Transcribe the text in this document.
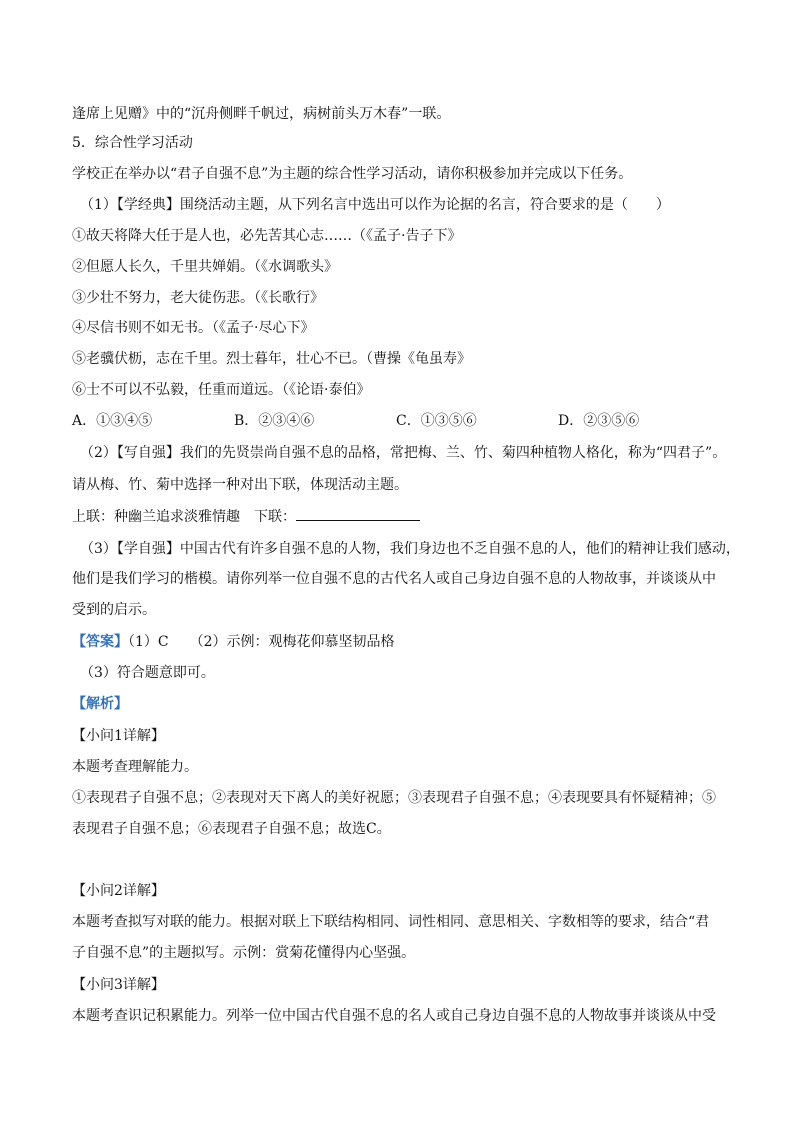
逢席上见赠》中的“沉舟侧畔千帆过，病树前头万木春”一联。
5．综合性学习活动
学校正在举办以“君子自强不息”为主题的综合性学习活动，请你积极参加并完成以下任务。
（1）【学经典】围绕活动主题，从下列名言中选出可以作为论据的名言，符合要求的是（　　）
①故天将降大任于是人也，必先苦其心志……（《孟子·告子下》
②但愿人长久，千里共婵娟。（《水调歌头》
③少壮不努力，老大徒伤悲。（《长歌行》
④尽信书则不如无书。（《孟子·尽心下》
⑤老骥伏枥，志在千里。烈士暮年，壮心不已。（曹操《龟虽寿》
⑥士不可以不弘毅，任重而道远。（《论语·泰伯》
A．①③④⑤	B．②③④⑥	C．①③⑤⑥	D．②③⑤⑥
（2）【写自强】我们的先贤崇尚自强不息的品格，常把梅、兰、竹、菊四种植物人格化，称为“四君子”。
请从梅、竹、菊中选择一种对出下联，体现活动主题。
上联：种幽兰追求淡雅情趣　下联：
（3）【学自强】中国古代有许多自强不息的人物，我们身边也不乏自强不息的人，他们的精神让我们感动，
他们是我们学习的楷模。请你列举一位自强不息的古代名人或自己身边自强不息的人物故事，并谈谈从中
受到的启示。
【答案】（1）C　　（2）示例：观梅花仰慕坚韧品格
（3）符合题意即可。
【解析】
【小问1详解】
本题考查理解能力。
①表现君子自强不息；②表现对天下离人的美好祝愿；③表现君子自强不息；④表现要具有怀疑精神；⑤
表现君子自强不息；⑥表现君子自强不息；故选C。
【小问2详解】
本题考查拟写对联的能力。根据对联上下联结构相同、词性相同、意思相关、字数相等的要求，结合“君
子自强不息”的主题拟写。示例：赏菊花懂得内心坚强。
【小问3详解】
本题考查识记积累能力。列举一位中国古代自强不息的名人或自己身边自强不息的人物故事并谈谈从中受
